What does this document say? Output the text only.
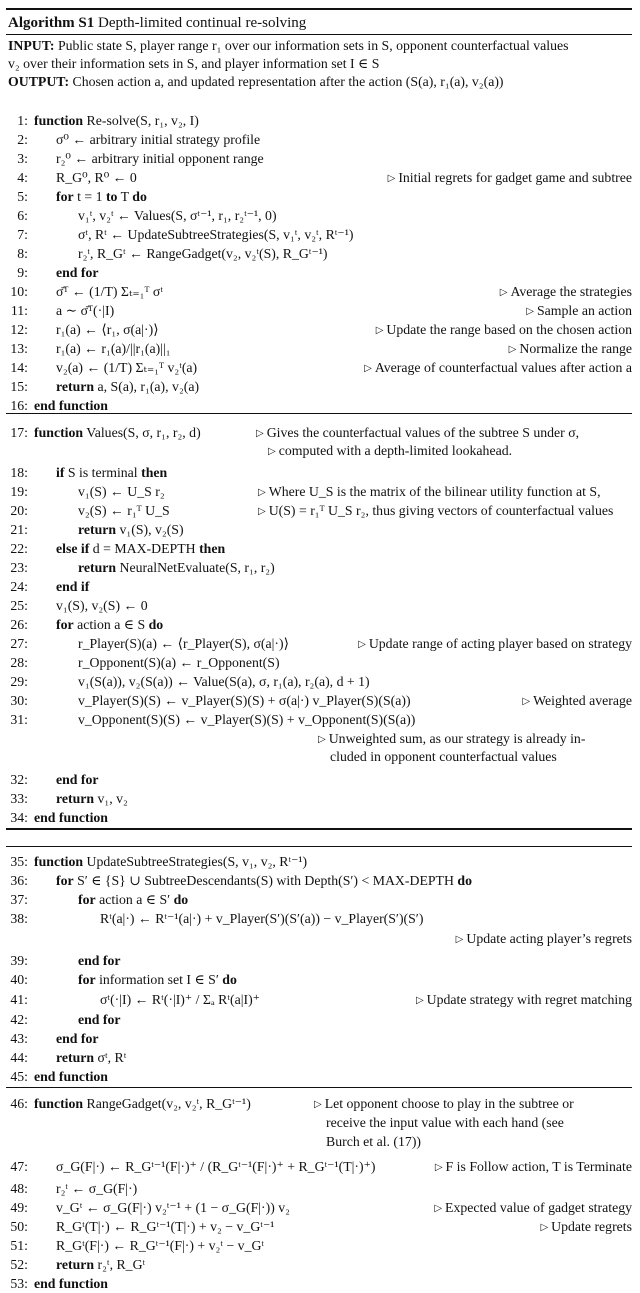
Algorithm S1 Depth-limited continual re-solving
INPUT: Public state S, player range r₁ over our information sets in S, opponent counterfactual values
v₂ over their information sets in S, and player information set I ∈ S
OUTPUT: Chosen action a, and updated representation after the action (S(a), r₁(a), v₂(a))
1: function Re-solve(S, r₁, v₂, I)
2: σ⁰ ← arbitrary initial strategy profile
3: r₂⁰ ← arbitrary initial opponent range
4: R_G⁰, R⁰ ← 0	▷ Initial regrets for gadget game and subtree
5: for t = 1 to T do
6:	v₁ᵗ, v₂ᵗ ← Values(S, σᵗ⁻¹, r₁, r₂ᵗ⁻¹, 0)
7:	σᵗ, Rᵗ ← UpdateSubtreeStrategies(S, v₁ᵗ, v₂ᵗ, Rᵗ⁻¹)
8:	r₂ᵗ, R_Gᵗ ← RangeGadget(v₂, v₂ᵗ(S), R_Gᵗ⁻¹)
9: end for
10: σ̄ᵀ ← (1/T) Σₜ₌₁ᵀ σᵗ	▷ Average the strategies
11: a ∼ σ̄ᵀ(·|I)	▷ Sample an action
12: r₁(a) ← ⟨r₁, σ(a|·)⟩	▷ Update the range based on the chosen action
13: r₁(a) ← r₁(a)/||r₁(a)||₁	▷ Normalize the range
14: v₂(a) ← (1/T) Σₜ₌₁ᵀ v₂ᵗ(a)	▷ Average of counterfactual values after action a
15: return a, S(a), r₁(a), v₂(a)
16: end function
17: function Values(S, σ, r₁, r₂, d)	▷ Gives the counterfactual values of the subtree S under σ,
▷ computed with a depth-limited lookahead.
18: if S is terminal then
19:	v₁(S) ← U_S r₂	▷ Where U_S is the matrix of the bilinear utility function at S,
20:	v₂(S) ← r₁ᵀ U_S	▷ U(S) = r₁ᵀ U_S r₂, thus giving vectors of counterfactual values
21:	return v₁(S), v₂(S)
22: else if d = MAX-DEPTH then
23:	return NeuralNetEvaluate(S, r₁, r₂)
24: end if
25: v₁(S), v₂(S) ← 0
26: for action a ∈ S do
27:	r_Player(S)(a) ← ⟨r_Player(S), σ(a|·)⟩	▷ Update range of acting player based on strategy
28:	r_Opponent(S)(a) ← r_Opponent(S)
29:	v₁(S(a)), v₂(S(a)) ← Value(S(a), σ, r₁(a), r₂(a), d + 1)
30:	v_Player(S)(S) ← v_Player(S)(S) + σ(a|·) v_Player(S)(S(a))	▷ Weighted average
31:	v_Opponent(S)(S) ← v_Player(S)(S) + v_Opponent(S)(S(a))
▷ Unweighted sum, as our strategy is already in-
cluded in opponent counterfactual values
32: end for
33: return v₁, v₂
34: end function
35: function UpdateSubtreeStrategies(S, v₁, v₂, Rᵗ⁻¹)
36: for S′ ∈ {S} ∪ SubtreeDescendants(S) with Depth(S′) < MAX-DEPTH do
37:	for action a ∈ S′ do
38:	Rᵗ(a|·) ← Rᵗ⁻¹(a|·) + v_Player(S′)(S′(a)) − v_Player(S′)(S′)
▷ Update acting player’s regrets
39:	end for
40:	for information set I ∈ S′ do
41:	σᵗ(·|I) ← Rᵗ(·|I)⁺ / Σₐ Rᵗ(a|I)⁺	▷ Update strategy with regret matching
42:	end for
43: end for
44: return σᵗ, Rᵗ
45: end function
46: function RangeGadget(v₂, v₂ᵗ, R_Gᵗ⁻¹)	▷ Let opponent choose to play in the subtree or
receive the input value with each hand (see
Burch et al. (17))
47: σ_G(F|·) ← R_Gᵗ⁻¹(F|·)⁺ / (R_Gᵗ⁻¹(F|·)⁺ + R_Gᵗ⁻¹(T|·)⁺)	▷ F is Follow action, T is Terminate
48: r₂ᵗ ← σ_G(F|·)
49: v_Gᵗ ← σ_G(F|·) v₂ᵗ⁻¹ + (1 − σ_G(F|·)) v₂	▷ Expected value of gadget strategy
50: R_Gᵗ(T|·) ← R_Gᵗ⁻¹(T|·) + v₂ − v_Gᵗ⁻¹	▷ Update regrets
51: R_Gᵗ(F|·) ← R_Gᵗ⁻¹(F|·) + v₂ᵗ − v_Gᵗ
52: return r₂ᵗ, R_Gᵗ
53: end function
